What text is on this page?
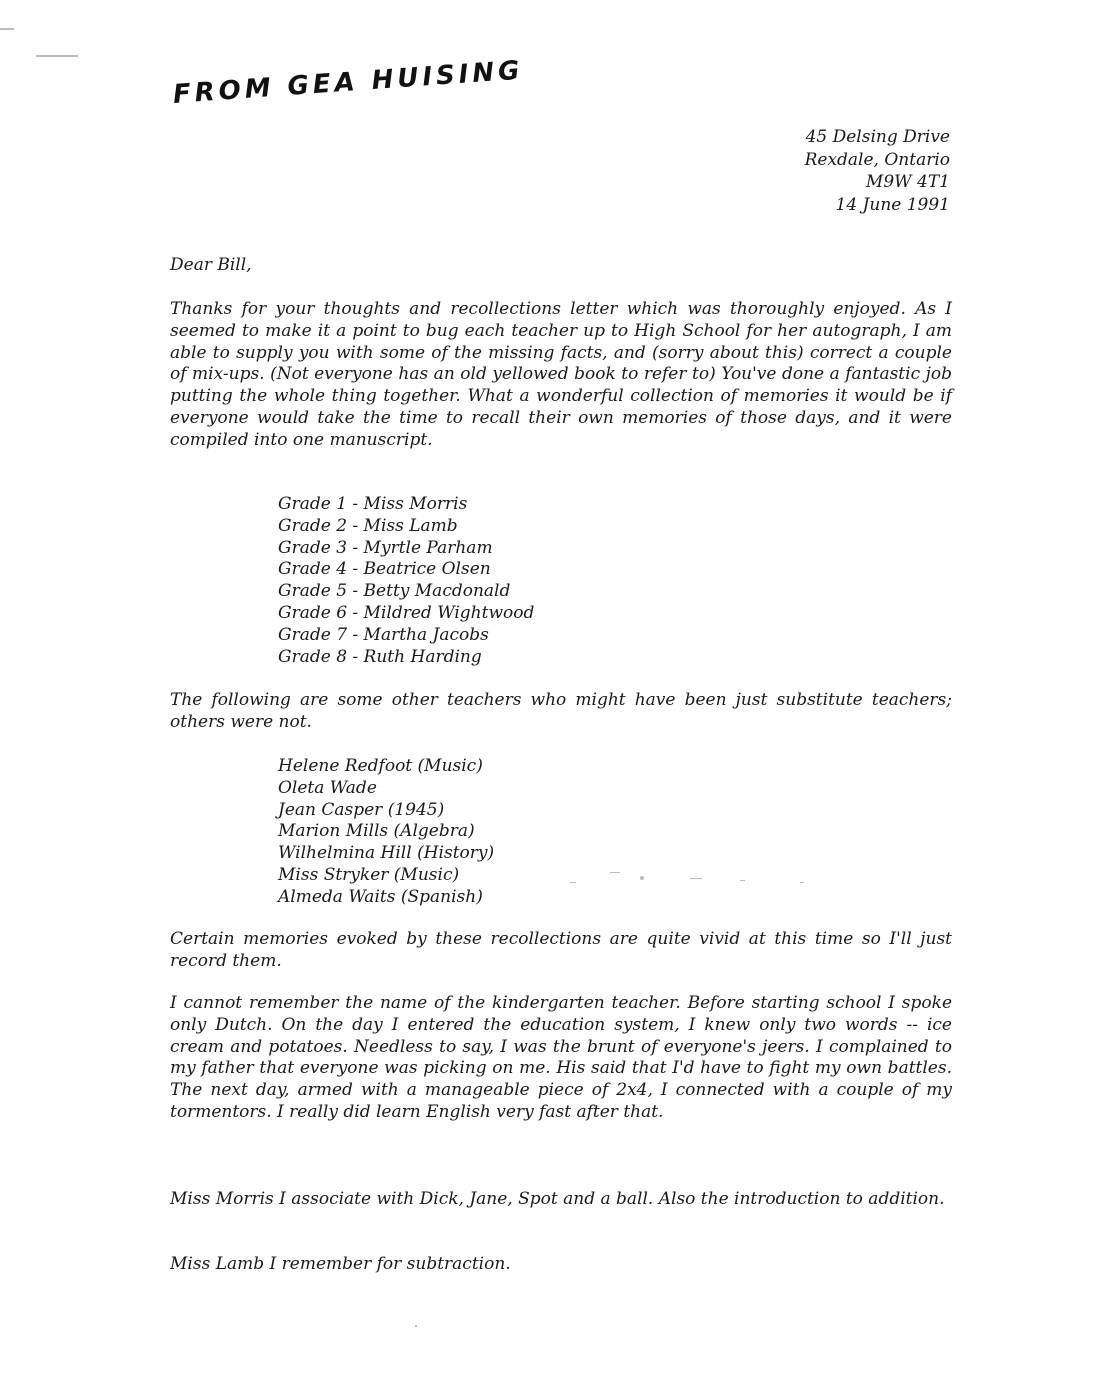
FROM GEA HUISING
45 Delsing Drive
Rexdale, Ontario
M9W 4T1
14 June 1991
Dear Bill,
Thanks for your thoughts and recollections letter which was thoroughly enjoyed. As I seemed to make it a point to bug each teacher up to High School for her autograph, I am able to supply you with some of the missing facts, and (sorry about this) correct a couple of mix-ups. (Not everyone has an old yellowed book to refer to) You've done a fantastic job putting the whole thing together. What a wonderful collection of memories it would be if everyone would take the time to recall their own memories of those days, and it were compiled into one manuscript.
Grade 1 - Miss Morris
Grade 2 - Miss Lamb
Grade 3 - Myrtle Parham
Grade 4 - Beatrice Olsen
Grade 5 - Betty Macdonald
Grade 6 - Mildred Wightwood
Grade 7 - Martha Jacobs
Grade 8 - Ruth Harding
The following are some other teachers who might have been just substitute teachers; others were not.
Helene Redfoot (Music)
Oleta Wade
Jean Casper (1945)
Marion Mills (Algebra)
Wilhelmina Hill (History)
Miss Stryker (Music)
Almeda Waits (Spanish)
Certain memories evoked by these recollections are quite vivid at this time so I'll just record them.
I cannot remember the name of the kindergarten teacher. Before starting school I spoke only Dutch. On the day I entered the education system, I knew only two words -- ice cream and potatoes. Needless to say, I was the brunt of everyone's jeers. I complained to my father that everyone was picking on me. His said that I'd have to fight my own battles. The next day, armed with a manageable piece of 2x4, I connected with a couple of my tormentors. I really did learn English very fast after that.
Miss Morris I associate with Dick, Jane, Spot and a ball. Also the introduction to addition.
Miss Lamb I remember for subtraction.
